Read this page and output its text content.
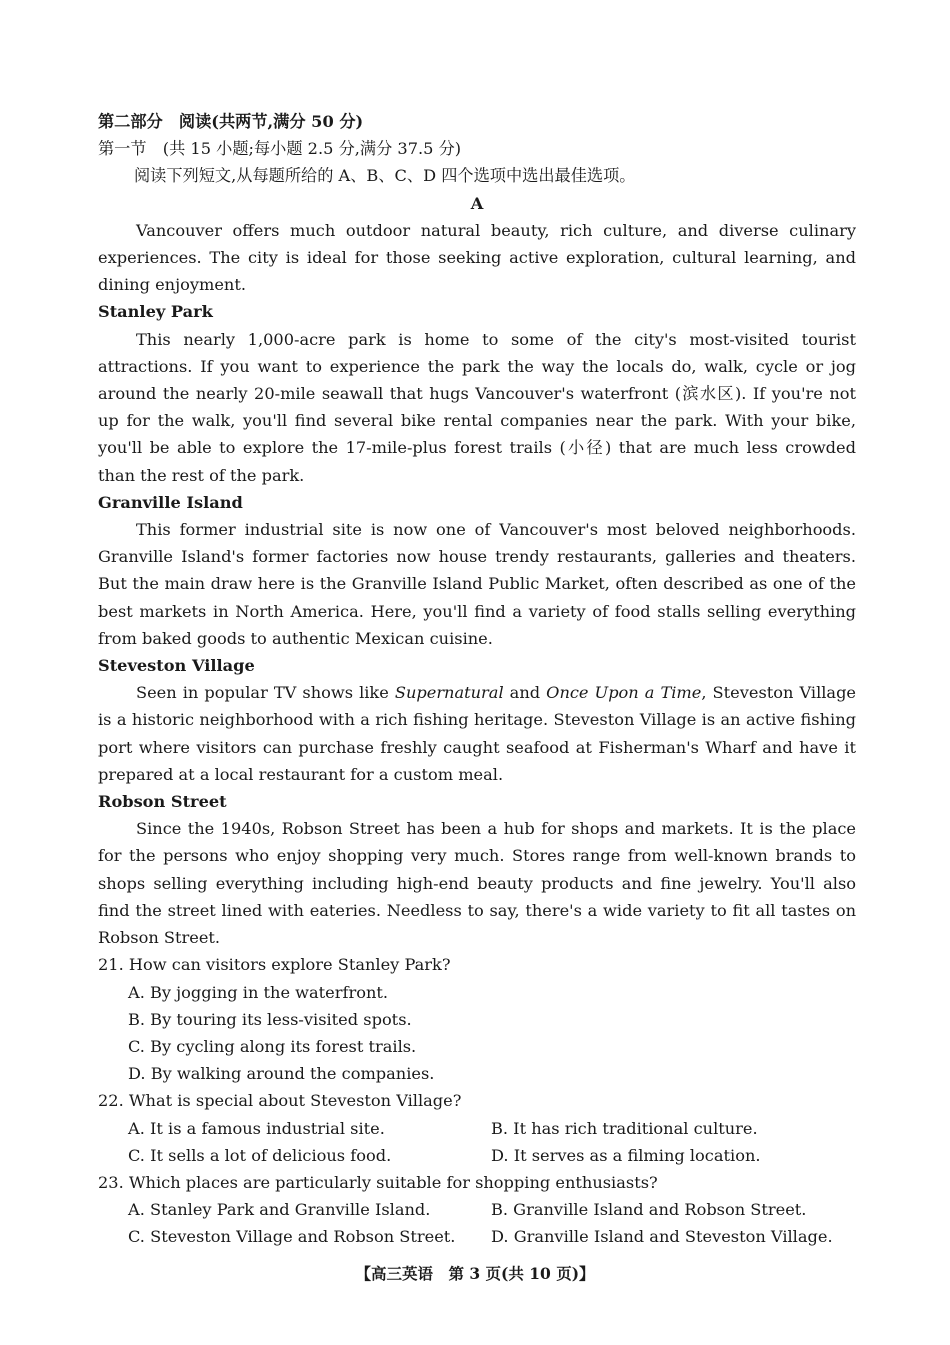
第二部分　阅读(共两节,满分 50 分)
第一节　(共 15 小题;每小题 2.5 分,满分 37.5 分)
阅读下列短文,从每题所给的 A、B、C、D 四个选项中选出最佳选项。
A
Vancouver offers much outdoor natural beauty, rich culture, and diverse culinary experiences. The city is ideal for those seeking active exploration, cultural learning, and dining enjoyment.
Stanley Park
This nearly 1,000-acre park is home to some of the city's most-visited tourist attractions. If you want to experience the park the way the locals do, walk, cycle or jog around the nearly 20-mile seawall that hugs Vancouver's waterfront (滨水区). If you're not up for the walk, you'll find several bike rental companies near the park. With your bike, you'll be able to explore the 17-mile-plus forest trails (小径) that are much less crowded than the rest of the park.
Granville Island
This former industrial site is now one of Vancouver's most beloved neighborhoods. Granville Island's former factories now house trendy restaurants, galleries and theaters. But the main draw here is the Granville Island Public Market, often described as one of the best markets in North America. Here, you'll find a variety of food stalls selling everything from baked goods to authentic Mexican cuisine.
Steveston Village
Seen in popular TV shows like Supernatural and Once Upon a Time, Steveston Village is a historic neighborhood with a rich fishing heritage. Steveston Village is an active fishing port where visitors can purchase freshly caught seafood at Fisherman's Wharf and have it prepared at a local restaurant for a custom meal.
Robson Street
Since the 1940s, Robson Street has been a hub for shops and markets. It is the place for the persons who enjoy shopping very much. Stores range from well-known brands to shops selling everything including high-end beauty products and fine jewelry. You'll also find the street lined with eateries. Needless to say, there's a wide variety to fit all tastes on Robson Street.
21. How can visitors explore Stanley Park?
A. By jogging in the waterfront.
B. By touring its less-visited spots.
C. By cycling along its forest trails.
D. By walking around the companies.
22. What is special about Steveston Village?
A. It is a famous industrial site.	B. It has rich traditional culture.
C. It sells a lot of delicious food.	D. It serves as a filming location.
23. Which places are particularly suitable for shopping enthusiasts?
A. Stanley Park and Granville Island.	B. Granville Island and Robson Street.
C. Steveston Village and Robson Street.	D. Granville Island and Steveston Village.
【高三英语　第 3 页(共 10 页)】
